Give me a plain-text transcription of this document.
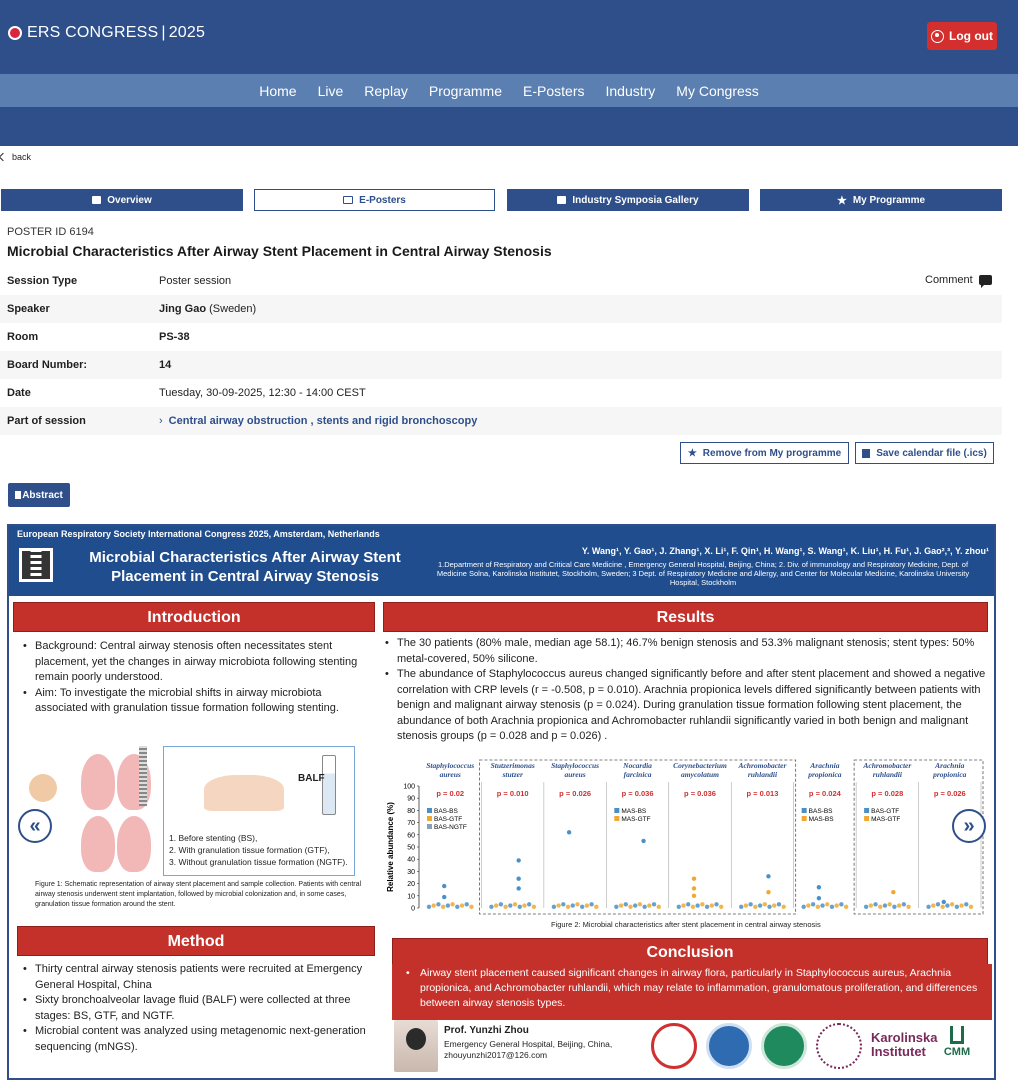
ERS CONGRESS | 2025	Log out
Home Live Replay Programme E-Posters Industry My Congress
back
Overview	E-Posters	Industry Symposia Gallery	★ My Programme
POSTER ID 6194
Microbial Characteristics After Airway Stent Placement in Central Airway Stenosis
Session Type	Poster session	Comment
Speaker	Jing Gao (Sweden)
Room	PS-38
Board Number:	14
Date	Tuesday, 30-09-2025, 12:30 - 14:00 CEST
Part of session	› Central airway obstruction , stents and rigid bronchoscopy
★ Remove from My programme	Save calendar file (.ics)
Abstract
European Respiratory Society International Congress 2025, Amsterdam, Netherlands
Microbial Characteristics After Airway Stent Placement in Central Airway Stenosis
Y. Wang¹, Y. Gao¹, J. Zhang¹, X. Li¹, F. Qin¹, H. Wang¹, S. Wang¹, K. Liu¹, H. Fu¹, J. Gao²,³, Y. zhou¹
1.Department of Respiratory and Critical Care Medicine , Emergency General Hospital, Beijing, China; 2. Div. of immunology and Respiratory Medicine, Dept. of Medicine Solna, Karolinska Institutet, Stockholm, Sweden; 3 Dept. of Respiratory Medicine and Allergy, and Center for Molecular Medicine, Karolinska University Hospital, Stockholm
Introduction
• Background: Central airway stenosis often necessitates stent placement, yet the changes in airway microbiota following stenting remain poorly understood.
• Aim: To investigate the microbial shifts in airway microbiota associated with granulation tissue formation following stenting.
BALF
1. Before stenting (BS),
2. With granulation tissue formation (GTF),
3. Without granulation tissue formation (NGTF).
Figure 1: Schematic representation of airway stent placement and sample collection. Patients with central airway stenosis underwent stent implantation, followed by microbial colonization and, in some cases, granulation tissue formation around the stent.
Method
• Thirty central airway stenosis patients were recruited at Emergency General Hospital, China
• Sixty bronchoalveolar lavage fluid (BALF) were collected at three stages: BS, GTF, and NGTF.
• Microbial content was analyzed using metagenomic next-generation sequencing (mNGS).
Results
• The 30 patients (80% male, median age 58.1); 46.7% benign stenosis and 53.3% malignant stenosis; stent types: 50% metal-covered, 50% silicone.
• The abundance of Staphylococcus aureus changed significantly before and after stent placement and showed a negative correlation with CRP levels (r = -0.508, p = 0.010). Arachnia propionica levels differed significantly between patients with benign and malignant airway stenosis (p = 0.024). During granulation tissue formation following stent placement, the abundance of both Arachnia propionica and Achromobacter ruhlandii significantly varied in both benign and malignant stenosis groups (p = 0.028 and p = 0.026) .
Relative abundance (%)
0
10
20
30
40
50
60
70
80
90
100
Staphylococcus
aureus
p = 0.02
BAS-BS
BAS-GTF
BAS-NGTF
Stutzerimonas
stutzer
p = 0.010
Staphylococcus
aureus
p = 0.026
Nocardia
farcinica
p = 0.036
MAS-BS
MAS-GTF
Corynebacterium
amycolatum
p = 0.036
Achromobacter
ruhlandii
p = 0.013
Arachnia
propionica
p = 0.024
BAS-BS
MAS-BS
Achromobacter
ruhlandii
p = 0.028
BAS-GTF
MAS-GTF
Arachnia
propionica
p = 0.026
Figure 2: Microbial characteristics after stent placement in central airway stenosis
«	»
Conclusion
• Airway stent placement caused significant changes in airway flora, particularly in Staphylococcus aureus, Arachnia propionica, and Achromobacter ruhlandii, which may relate to inflammation, granulomatous proliferation, and differences between airway stenosis types.
Prof. Yunzhi Zhou
Emergency General Hospital, Beijing, China,
zhouyunzhi2017@126.com
Karolinska
Institutet	CMM
